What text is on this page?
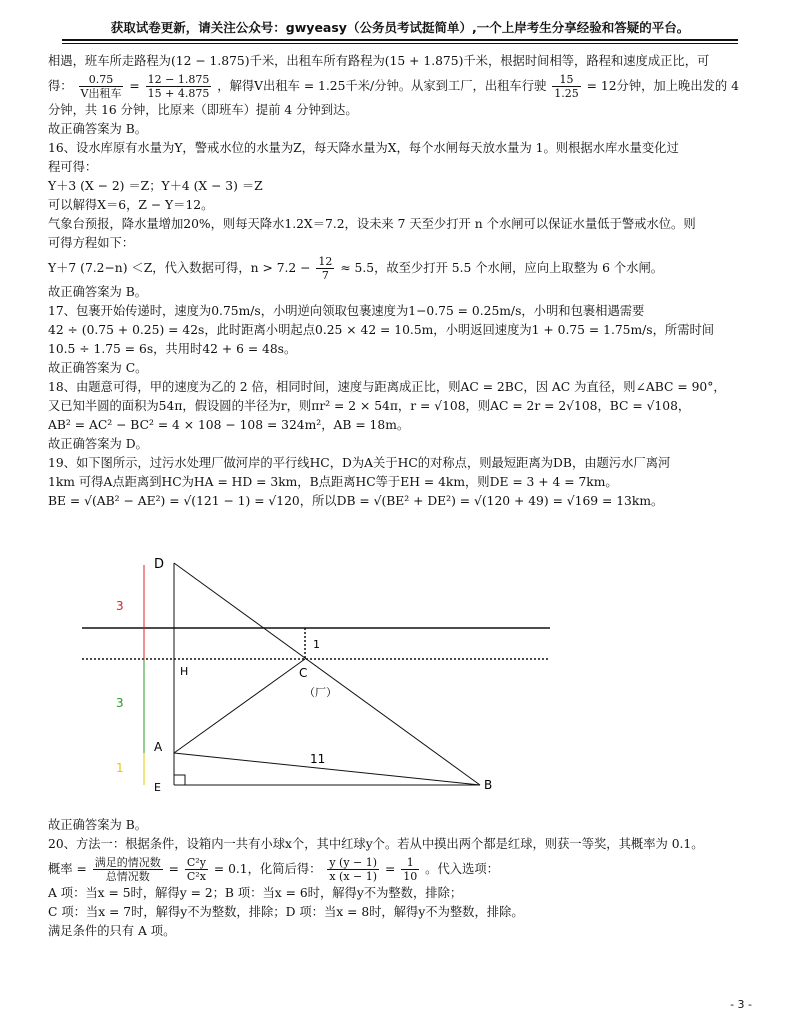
获取试卷更新，请关注公众号：gwyeasy（公务员考试挺简单）,一个上岸考生分享经验和答疑的平台。

相遇，班车所走路程为(12 − 1.875)千米，出租车所有路程为(15 + 1.875)千米，根据时间相等，路程和速度成正比，可

得： $\frac{0.75}{\text{V出租车}} = \frac{12 - 1.875}{15 + 4.875}$ ，解得V出租车 = 1.25千米/分钟。从家到工厂，出租车行驶 $\frac{15}{1.25} = 12$分钟，加上晚出发的 4

分钟，共 16 分钟，比原来（即班车）提前 4 分钟到达。

故正确答案为 B。

16、设水库原有水量为Y，警戒水位的水量为Z，每天降水量为X，每个水闸每天放水量为 1。则根据水库水量变化过

程可得：

Y＋3 (X − 2) ＝Z；Y＋4 (X − 3) ＝Z

可以解得X＝6，Z − Y＝12。

气象台预报，降水量增加20%，则每天降水1.2X＝7.2，设未来 7 天至少打开 n 个水闸可以保证水量低于警戒水位。则

可得方程如下：

Y＋7 (7.2−n) ＜Z，代入数据可得，$n > 7.2 - \frac{12}{7} \approx 5.5$，故至少打开 5.5 个水闸，应向上取整为 6 个水闸。

故正确答案为 B。

17、包裹开始传递时，速度为0.75m/s，小明逆向领取包裹速度为1−0.75 = 0.25m/s，小明和包裹相遇需要

42 ÷ (0.75 + 0.25) = 42s，此时距离小明起点0.25 × 42 = 10.5m，小明返回速度为1 + 0.75 = 1.75m/s，所需时间

10.5 ÷ 1.75 = 6s，共用时42 + 6 = 48s。

故正确答案为 C。

18、由题意可得，甲的速度为乙的 2 倍，相同时间，速度与距离成正比，则AC = 2BC，因 AC 为直径，则∠ABC = 90°，

又已知半圆的面积为54π，假设圆的半径为r，则πr² = 2 × 54π，r = √108，则AC = 2r = 2√108，BC = √108，

AB² = AC² − BC² = 4 × 108 − 108 = 324m²，AB = 18m。

故正确答案为 D。

19、如下图所示，过污水处理厂做河岸的平行线HC，D为A关于HC的对称点，则最短距离为DB，由题污水厂离河

1km 可得A点距离到HC为HA = HD = 3km，B点距离HC等于EH = 4km，则DE = 3 + 4 = 7km。

BE = √(AB² − AE²) = √(121 − 1) = √120，所以DB = √(BE² + DE²) = √(120 + 49) = √169 = 13km。

D
H	C
（厂）
A
E	B
3
3
1
1
11

故正确答案为 B。

20、方法一：根据条件，设箱内一共有小球x个，其中红球y个。若从中摸出两个都是红球，则获一等奖，其概率为 0.1。

概率 = $\frac{\text{满足的情况数}}{\text{总情况数}} = \frac{\text{C²y}}{\text{C²x}} = 0.1$，化简后得： $\frac{y (y - 1)}{x (x - 1)} = \frac{1}{10}$ 。代入选项：

A 项：当x = 5时，解得y = 2；B 项：当x = 6时，解得y不为整数，排除；

C 项：当x = 7时，解得y不为整数，排除；D 项：当x = 8时，解得y不为整数，排除。

满足条件的只有 A 项。

- 3 -
